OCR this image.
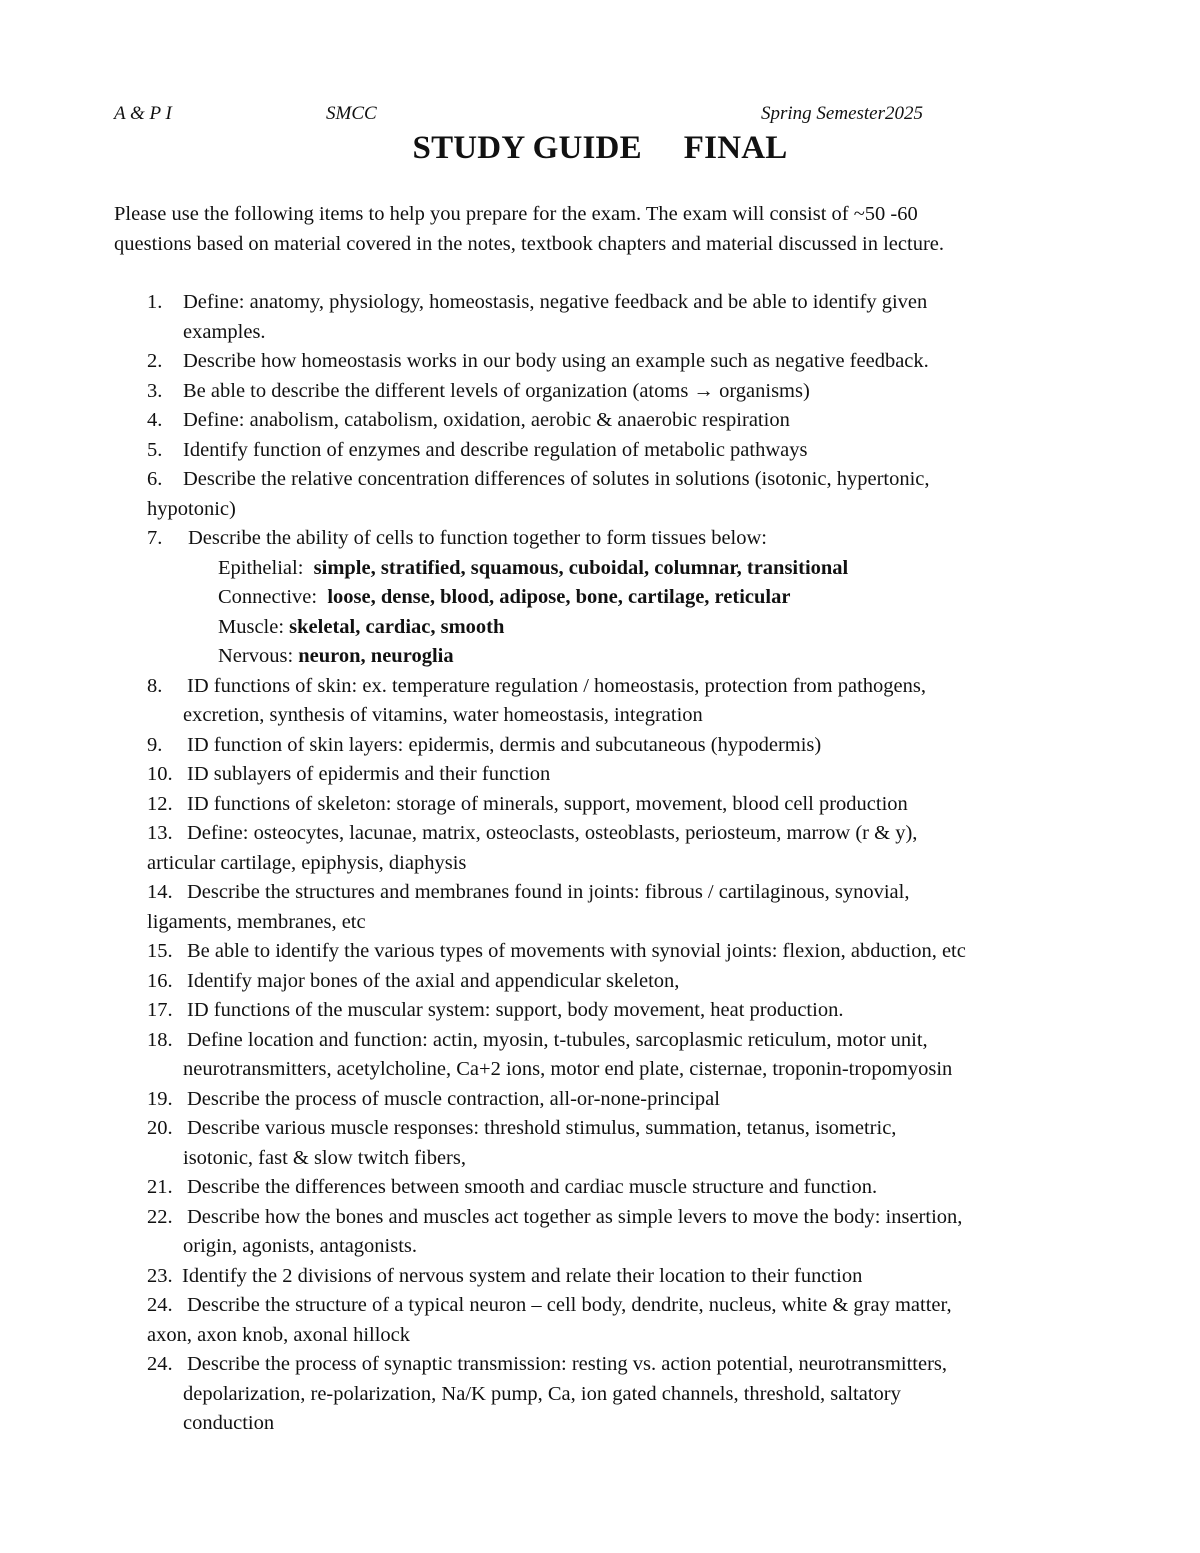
A & P I	SMCC	Spring Semester2025
STUDY GUIDE FINAL
Please use the following items to help you prepare for the exam. The exam will consist of ~50 -60
questions based on material covered in the notes, textbook chapters and material discussed in lecture.
1. Define: anatomy, physiology, homeostasis, negative feedback and be able to identify given
examples.
2. Describe how homeostasis works in our body using an example such as negative feedback.
3. Be able to describe the different levels of organization (atoms → organisms)
4. Define: anabolism, catabolism, oxidation, aerobic & anaerobic respiration
5. Identify function of enzymes and describe regulation of metabolic pathways
6. Describe the relative concentration differences of solutes in solutions (isotonic, hypertonic,
hypotonic)
7. Describe the ability of cells to function together to form tissues below:
Epithelial: simple, stratified, squamous, cuboidal, columnar, transitional
Connective: loose, dense, blood, adipose, bone, cartilage, reticular
Muscle: skeletal, cardiac, smooth
Nervous: neuron, neuroglia
8. ID functions of skin: ex. temperature regulation / homeostasis, protection from pathogens,
excretion, synthesis of vitamins, water homeostasis, integration
9. ID function of skin layers: epidermis, dermis and subcutaneous (hypodermis)
10. ID sublayers of epidermis and their function
12. ID functions of skeleton: storage of minerals, support, movement, blood cell production
13. Define: osteocytes, lacunae, matrix, osteoclasts, osteoblasts, periosteum, marrow (r & y),
articular cartilage, epiphysis, diaphysis
14. Describe the structures and membranes found in joints: fibrous / cartilaginous, synovial,
ligaments, membranes, etc
15. Be able to identify the various types of movements with synovial joints: flexion, abduction, etc
16. Identify major bones of the axial and appendicular skeleton,
17. ID functions of the muscular system: support, body movement, heat production.
18. Define location and function: actin, myosin, t-tubules, sarcoplasmic reticulum, motor unit,
neurotransmitters, acetylcholine, Ca+2 ions, motor end plate, cisternae, troponin-tropomyosin
19. Describe the process of muscle contraction, all-or-none-principal
20. Describe various muscle responses: threshold stimulus, summation, tetanus, isometric,
isotonic, fast & slow twitch fibers,
21. Describe the differences between smooth and cardiac muscle structure and function.
22. Describe how the bones and muscles act together as simple levers to move the body: insertion,
origin, agonists, antagonists.
23. Identify the 2 divisions of nervous system and relate their location to their function
24. Describe the structure of a typical neuron – cell body, dendrite, nucleus, white & gray matter,
axon, axon knob, axonal hillock
24. Describe the process of synaptic transmission: resting vs. action potential, neurotransmitters,
depolarization, re-polarization, Na/K pump, Ca, ion gated channels, threshold, saltatory
conduction
